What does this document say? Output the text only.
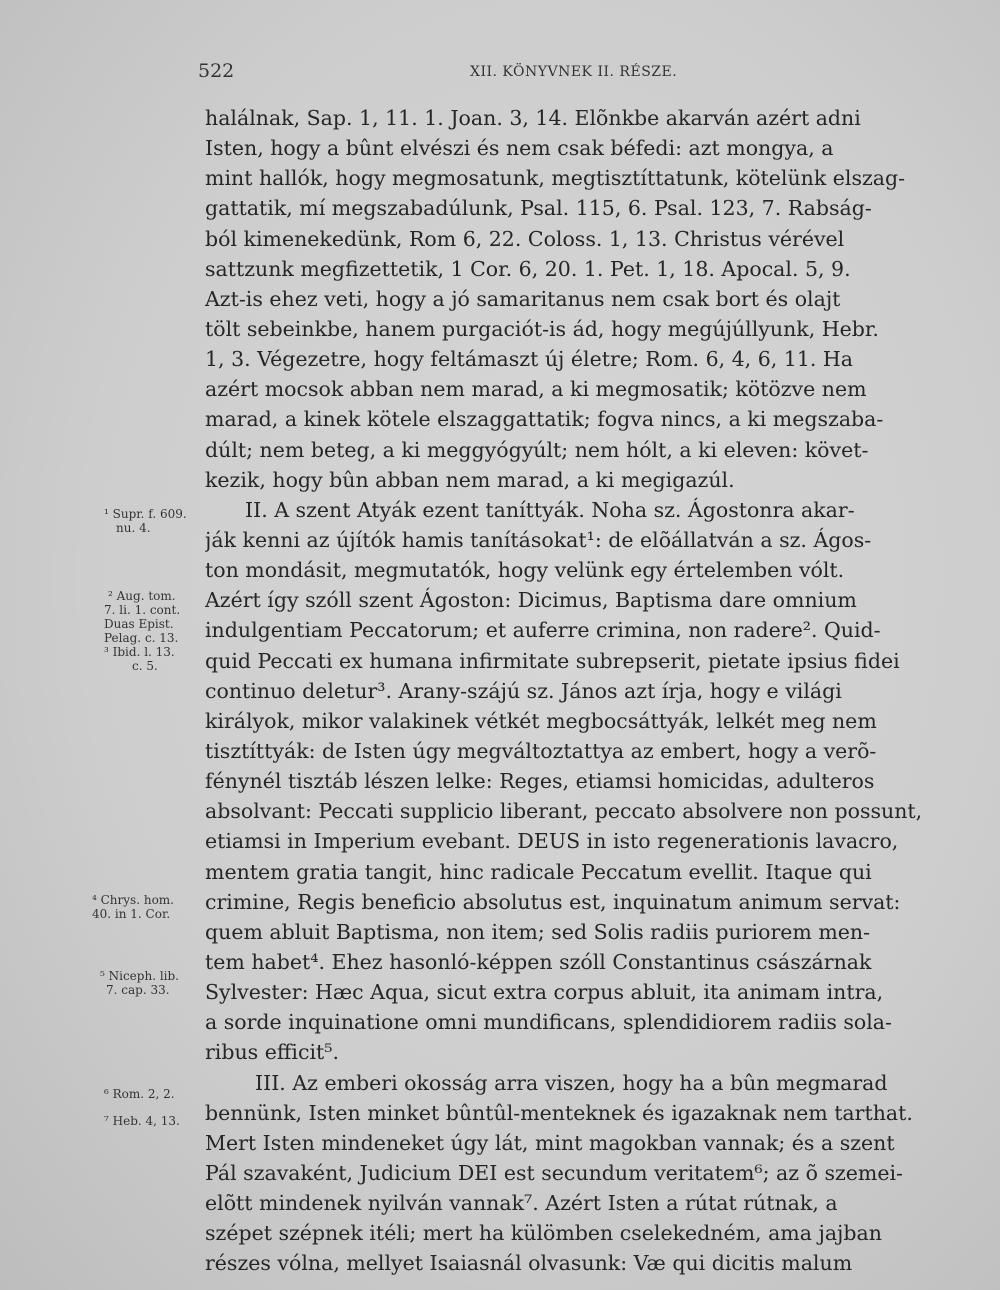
522	XII. KÖNYVNEK II. RÉSZE.
halálnak, Sap. 1, 11. 1. Joan. 3, 14. Elõnkbe akarván azért adni
Isten, hogy a bûnt elvészi és nem csak béfedi: azt mongya, a
mint hallók, hogy megmosatunk, megtisztíttatunk, kötelünk elszag-
gattatik, mí megszabadúlunk, Psal. 115, 6. Psal. 123, 7. Rabság-
ból kimenekedünk, Rom 6, 22. Coloss. 1, 13. Christus vérével
sattzunk megfizettetik, 1 Cor. 6, 20. 1. Pet. 1, 18. Apocal. 5, 9.
Azt-is ehez veti, hogy a jó samaritanus nem csak bort és olajt
tölt sebeinkbe, hanem purgaciót-is ád, hogy megújúllyunk, Hebr.
1, 3. Végezetre, hogy feltámaszt új életre; Rom. 6, 4, 6, 11. Ha
azért mocsok abban nem marad, a ki megmosatik; kötözve nem
marad, a kinek kötele elszaggattatik; fogva nincs, a ki megszaba-
dúlt; nem beteg, a ki meggyógyúlt; nem hólt, a ki eleven: követ-
kezik, hogy bûn abban nem marad, a ki megigazúl.
II. A szent Atyák ezent taníttyák. Noha sz. Ágostonra akar-
ják kenni az újítók hamis tanításokat¹: de elõállatván a sz. Ágos-
ton mondásit, megmutatók, hogy velünk egy értelemben vólt.
Azért így szóll szent Ágoston: Dicimus, Baptisma dare omnium
indulgentiam Peccatorum; et auferre crimina, non radere². Quid-
quid Peccati ex humana infirmitate subrepserit, pietate ipsius fidei
continuo deletur³. Arany-szájú sz. János azt írja, hogy e világi
királyok, mikor valakinek vétkét megbocsáttyák, lelkét meg nem
tisztíttyák: de Isten úgy megváltoztattya az embert, hogy a verõ-
fénynél tisztáb lészen lelke: Reges, etiamsi homicidas, adulteros
absolvant: Peccati supplicio liberant, peccato absolvere non possunt,
etiamsi in Imperium evebant. DEUS in isto regenerationis lavacro,
mentem gratia tangit, hinc radicale Peccatum evellit. Itaque qui
crimine, Regis beneficio absolutus est, inquinatum animum servat:
quem abluit Baptisma, non item; sed Solis radiis puriorem men-
tem habet⁴. Ehez hasonló-képpen szóll Constantinus császárnak
Sylvester: Hæc Aqua, sicut extra corpus abluit, ita animam intra,
a sorde inquinatione omni mundificans, splendidiorem radiis sola-
ribus efficit⁵.
III. Az emberi okosság arra viszen, hogy ha a bûn megmarad
bennünk, Isten minket bûntûl-menteknek és igazaknak nem tarthat.
Mert Isten mindeneket úgy lát, mint magokban vannak; és a szent
Pál szavaként, Judicium DEI est secundum veritatem⁶; az õ szemei-
elõtt mindenek nyilván vannak⁷. Azért Isten a rútat rútnak, a
szépet szépnek itéli; mert ha külömben cselekedném, ama jajban
részes vólna, mellyet Isaiasnál olvasunk: Væ qui dicitis malum
¹ Supr. f. 609.
nu. 4.
² Aug. tom.
7. li. 1. cont.
Duas Epist.
Pelag. c. 13.
³ Ibid. l. 13.
c. 5.
⁴ Chrys. hom.
40. in 1. Cor.
⁵ Niceph. lib.
7. cap. 33.
⁶ Rom. 2, 2.
⁷ Heb. 4, 13.
